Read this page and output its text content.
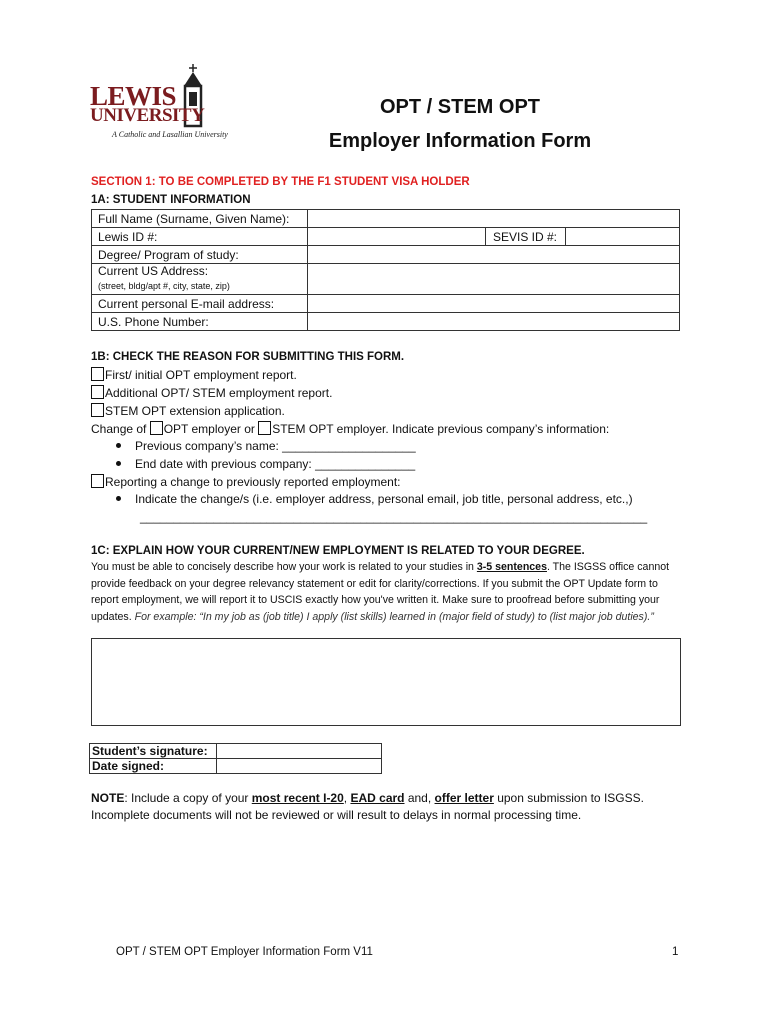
LEWIS
UNIVERSITY
A Catholic and Lasallian University
OPT / STEM OPT
Employer Information Form
SECTION 1: TO BE COMPLETED BY THE F1 STUDENT VISA HOLDER
1A: STUDENT INFORMATION
Full Name (Surname, Given Name):			
Lewis ID #:		SEVIS ID #:	
Degree/ Program of study:			

Current US Address:
(street, bldg/apt #, city, state, zip)			

Current personal E-mail address:			
U.S. Phone Number:			
1B: CHECK THE REASON FOR SUBMITTING THIS FORM.
First/ initial OPT employment report.
Additional OPT/ STEM employment report.
STEM OPT extension application.
Change of OPT employer or STEM OPT employer. Indicate previous company’s information:
Previous company’s name: ____________________
End date with previous company: _______________
Reporting a change to previously reported employment:
Indicate the change/s (i.e. employer address, personal email, job title, personal address, etc.,)
____________________________________________________________________________
1C: EXPLAIN HOW YOUR CURRENT/NEW EMPLOYMENT IS RELATED TO YOUR DEGREE.
You must be able to concisely describe how your work is related to your studies in 3-5 sentences. The ISGSS office cannot provide feedback on your degree relevancy statement or edit for clarity/corrections. If you submit the OPT Update form to report employment, we will report it to USCIS exactly how you've written it. Make sure to proofread before submitting your updates. For example: “In my job as (job title) I apply (list skills) learned in (major field of study) to (list major job duties).”
Student’s signature:	
Date signed:	
NOTE: Include a copy of your most recent I-20, EAD card and, offer letter upon submission to ISGSS. Incomplete documents will not be reviewed or will result to delays in normal processing time.
OPT / STEM OPT Employer Information Form V11	1
